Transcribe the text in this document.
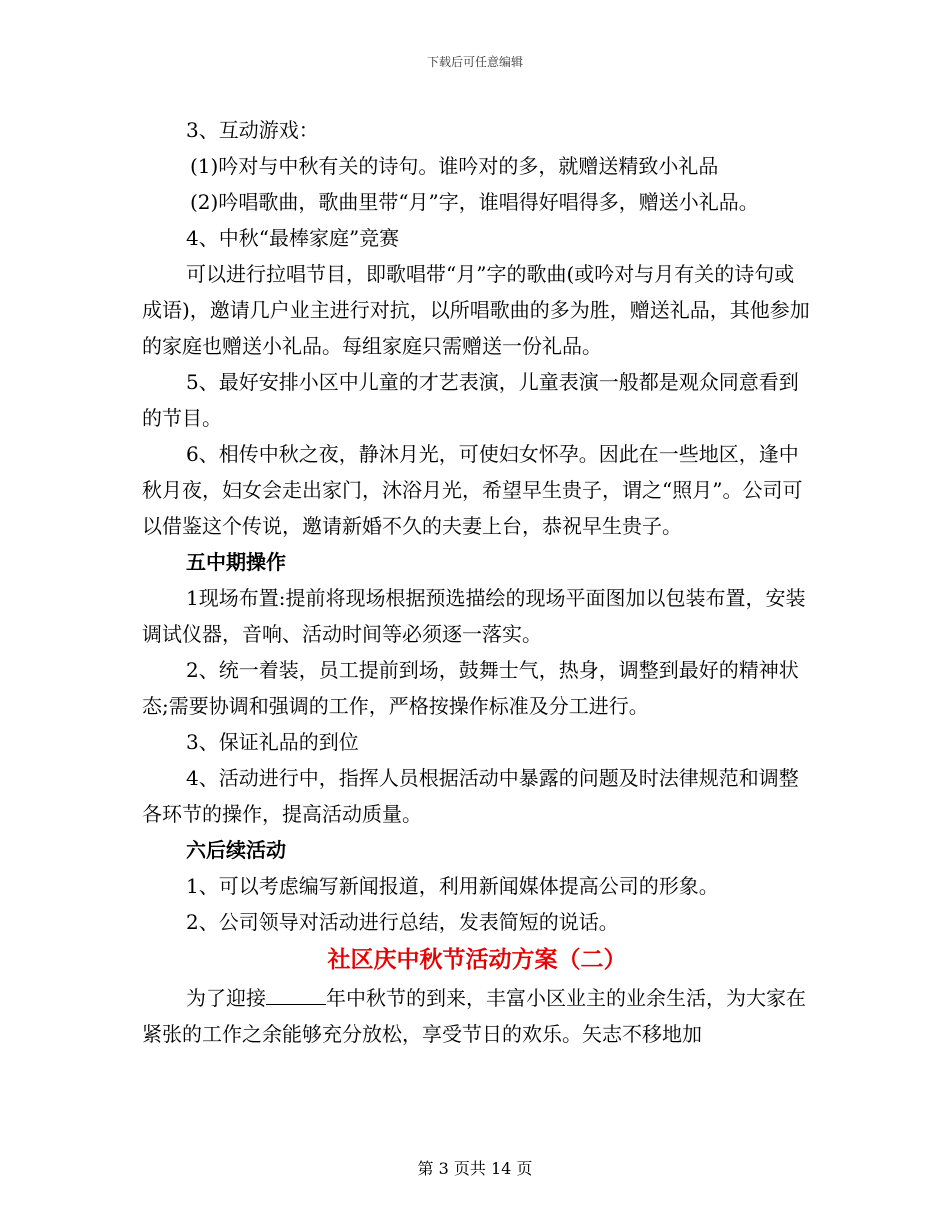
下载后可任意编辑

3、互动游戏：

(1)吟对与中秋有关的诗句。谁吟对的多，就赠送精致小礼品

(2)吟唱歌曲，歌曲里带“月”字，谁唱得好唱得多，赠送小礼品。

4、中秋“最棒家庭”竞赛

可以进行拉唱节目，即歌唱带“月”字的歌曲(或吟对与月有关的诗句或成语)，邀请几户业主进行对抗，以所唱歌曲的多为胜，赠送礼品，其他参加的家庭也赠送小礼品。每组家庭只需赠送一份礼品。

5、最好安排小区中儿童的才艺表演，儿童表演一般都是观众同意看到的节目。

6、相传中秋之夜，静沐月光，可使妇女怀孕。因此在一些地区，逢中秋月夜，妇女会走出家门，沐浴月光，希望早生贵子，谓之“照月”。公司可以借鉴这个传说，邀请新婚不久的夫妻上台，恭祝早生贵子。

五中期操作

1现场布置:提前将现场根据预选描绘的现场平面图加以包装布置，安装调试仪器，音响、活动时间等必须逐一落实。

2、统一着装，员工提前到场，鼓舞士气，热身，调整到最好的精神状态;需要协调和强调的工作，严格按操作标准及分工进行。

3、保证礼品的到位

4、活动进行中，指挥人员根据活动中暴露的问题及时法律规范和调整各环节的操作，提高活动质量。

六后续活动

1、可以考虑编写新闻报道，利用新闻媒体提高公司的形象。

2、公司领导对活动进行总结，发表简短的说话。

社区庆中秋节活动方案（二）

为了迎接	年中秋节的到来，丰富小区业主的业余生活，为大家在紧张的工作之余能够充分放松，享受节日的欢乐。矢志不移地加

第 3 页共 14 页
